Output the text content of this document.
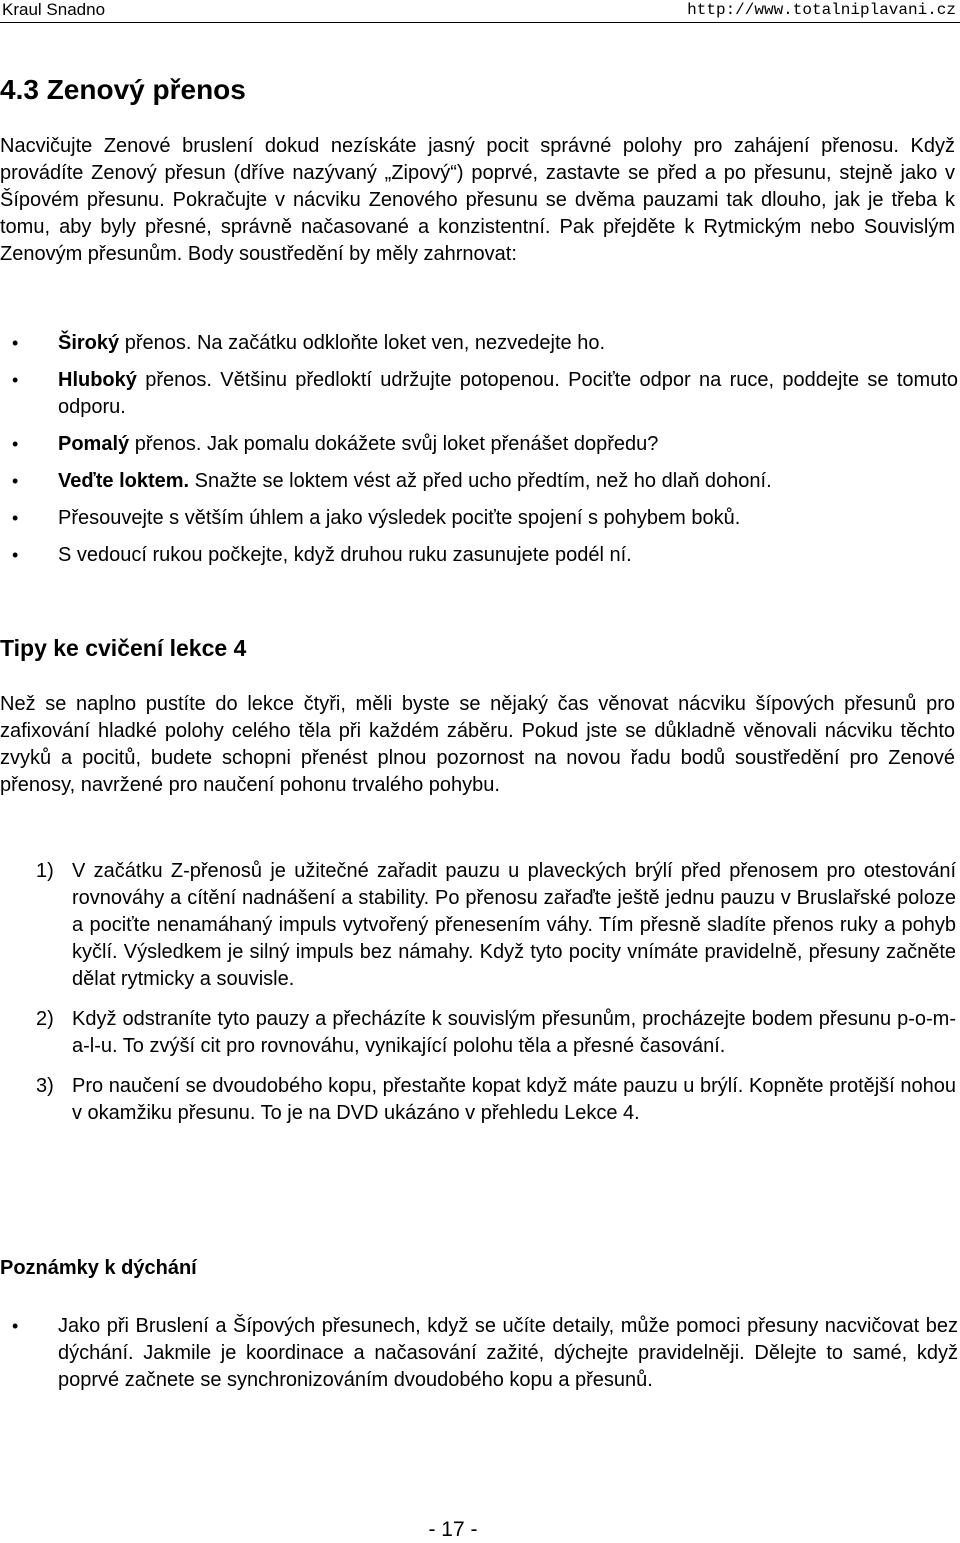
Kraul Snadno	http://www.totalniplavani.cz
4.3 Zenový přenos

Nacvičujte Zenové bruslení dokud nezískáte jasný pocit správné polohy pro zahájení přenosu. Když provádíte Zenový přesun (dříve nazývaný „Zipový“) poprvé, zastavte se před a po přesunu, stejně jako v Šípovém přesunu. Pokračujte v nácviku Zenového přesunu se dvěma pauzami tak dlouho, jak je třeba k tomu, aby byly přesné, správně načasované a konzistentní. Pak přejděte k Rytmickým nebo Souvislým Zenovým přesunům. Body soustředění by měly zahrnovat:

• Široký přenos. Na začátku odkloňte loket ven, nezvedejte ho.
• Hluboký přenos. Většinu předloktí udržujte potopenou. Pociťte odpor na ruce, poddejte se tomuto odporu.
• Pomalý přenos. Jak pomalu dokážete svůj loket přenášet dopředu?
• Veďte loktem. Snažte se loktem vést až před ucho předtím, než ho dlaň dohoní.
• Přesouvejte s větším úhlem a jako výsledek pociťte spojení s pohybem boků.
• S vedoucí rukou počkejte, když druhou ruku zasunujete podél ní.
Tipy ke cvičení lekce 4

Než se naplno pustíte do lekce čtyři, měli byste se nějaký čas věnovat nácviku šípových přesunů pro zafixování hladké polohy celého těla při každém záběru. Pokud jste se důkladně věnovali nácviku těchto zvyků a pocitů, budete schopni přenést plnou pozornost na novou řadu bodů soustředění pro Zenové přenosy, navržené pro naučení pohonu trvalého pohybu.

1) V začátku Z-přenosů je užitečné zařadit pauzu u plaveckých brýlí před přenosem pro otestování rovnováhy a cítění nadnášení a stability. Po přenosu zařaďte ještě jednu pauzu v Bruslařské poloze a pociťte nenamáhaný impuls vytvořený přenesením váhy. Tím přesně sladíte přenos ruky a pohyb kyčlí. Výsledkem je silný impuls bez námahy. Když tyto pocity vnímáte pravidelně, přesuny začněte dělat rytmicky a souvisle.
2) Když odstraníte tyto pauzy a přecházíte k souvislým přesunům, procházejte bodem přesunu p-o-m-a-l-u. To zvýší cit pro rovnováhu, vynikající polohu těla a přesné časování.
3) Pro naučení se dvoudobého kopu, přestaňte kopat když máte pauzu u brýlí. Kopněte protější nohou v okamžiku přesunu. To je na DVD ukázáno v přehledu Lekce 4.
Poznámky k dýchání
• Jako při Bruslení a Šípových přesunech, když se učíte detaily, může pomoci přesuny nacvičovat bez dýchání. Jakmile je koordinace a načasování zažité, dýchejte pravidelněji. Dělejte to samé, když poprvé začnete se synchronizováním dvoudobého kopu a přesunů.
- 17 -
